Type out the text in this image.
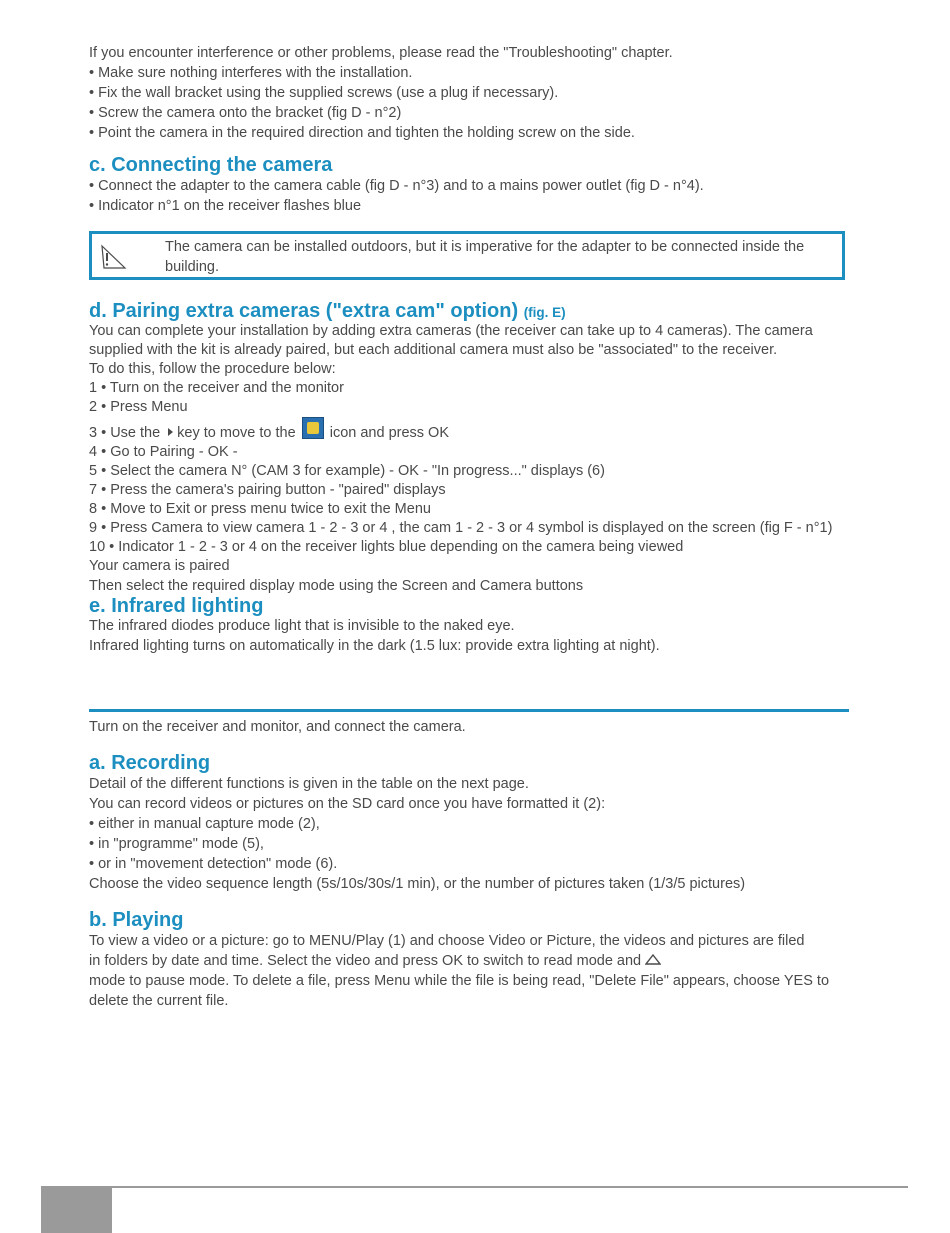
If you encounter interference or other problems, please read the "Troubleshooting" chapter.

• Make sure nothing interferes with the installation.

• Fix the wall bracket using the supplied screws (use a plug if necessary).

• Screw the camera onto the bracket (fig D - n°2)

• Point the camera in the required direction and tighten the holding screw on the side.

c. Connecting the camera

• Connect the adapter to the camera cable (fig D - n°3) and to a mains power outlet (fig D - n°4).

• Indicator n°1 on the receiver flashes blue

The camera can be installed outdoors, but it is imperative for the adapter to be connected inside the building.
d. Pairing extra cameras ("extra cam" option) (fig. E)

You can complete your installation by adding extra cameras (the receiver can take up to 4 cameras). The camera

supplied with the kit is already paired, but each additional camera must also be "associated" to the receiver.

To do this, follow the procedure below:

1 • Turn on the receiver and the monitor

2 • Press Menu

3 • Use the key to move to the icon and press OK

4 • Go to Pairing - OK -

5 • Select the camera N° (CAM 3 for example) - OK - "In progress..." displays (6)

7 • Press the camera's pairing button - "paired" displays

8 • Move to Exit or press menu twice to exit the Menu

9 • Press Camera to view camera 1 - 2 - 3 or 4 , the cam 1 - 2 - 3 or 4 symbol is displayed on the screen (fig F - n°1)

10 • Indicator 1 - 2 - 3 or 4 on the receiver lights blue depending on the camera being viewed

Your camera is paired

Then select the required display mode using the Screen and Camera buttons

e. Infrared lighting

The infrared diodes produce light that is invisible to the naked eye.

Infrared lighting turns on automatically in the dark (1.5 lux: provide extra lighting at night).

Turn on the receiver and monitor, and connect the camera.

a. Recording

Detail of the different functions is given in the table on the next page.

You can record videos or pictures on the SD card once you have formatted it (2):

• either in manual capture mode (2),

• in "programme" mode (5),

• or in "movement detection" mode (6).

Choose the video sequence length (5s/10s/30s/1 min), or the number of pictures taken (1/3/5 pictures)

b. Playing

To view a video or a picture: go to MENU/Play (1) and choose Video or Picture, the videos and pictures are filed

in folders by date and time. Select the video and press OK to switch to read mode and

mode to pause mode. To delete a file, press Menu while the file is being read, "Delete File" appears, choose YES to

delete the current file.
